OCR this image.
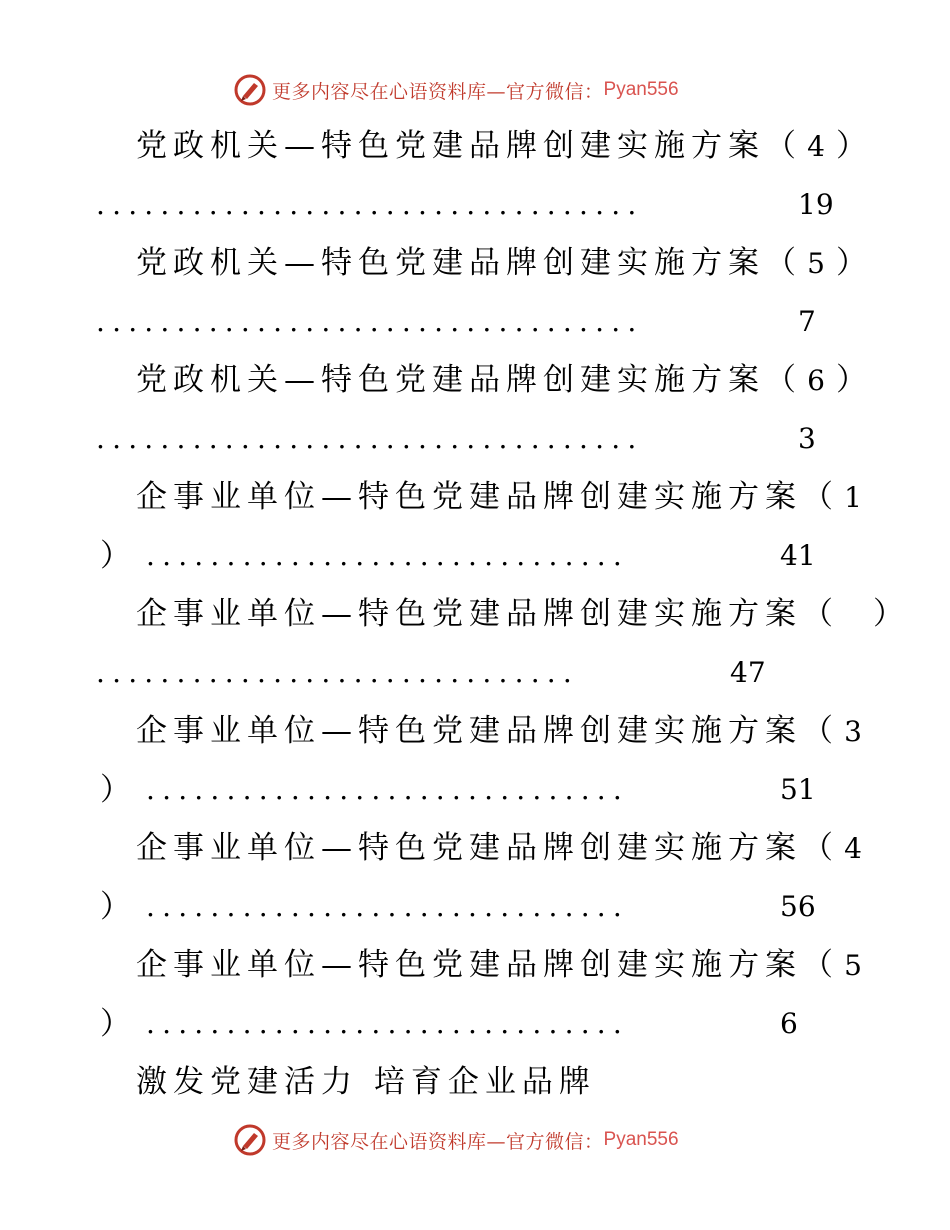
更多内容尽在心语资料库—官方微信： Pyan556
党政机关—特色党建品牌创建实施方案（ 4 ）
..................................	19
党政机关—特色党建品牌创建实施方案（ 5 ）
..................................	7
党政机关—特色党建品牌创建实施方案（ 6 ）
..................................	3
企事业单位—特色党建品牌创建实施方案（ 1
） ..............................	41
企事业单位—特色党建品牌创建实施方案（ ）
..............................	47
企事业单位—特色党建品牌创建实施方案（ 3
） ..............................	51
企事业单位—特色党建品牌创建实施方案（ 4
） ..............................	56
企事业单位—特色党建品牌创建实施方案（ 5
） ..............................	6
激发党建活力 培育企业品牌
更多内容尽在心语资料库—官方微信： Pyan556
